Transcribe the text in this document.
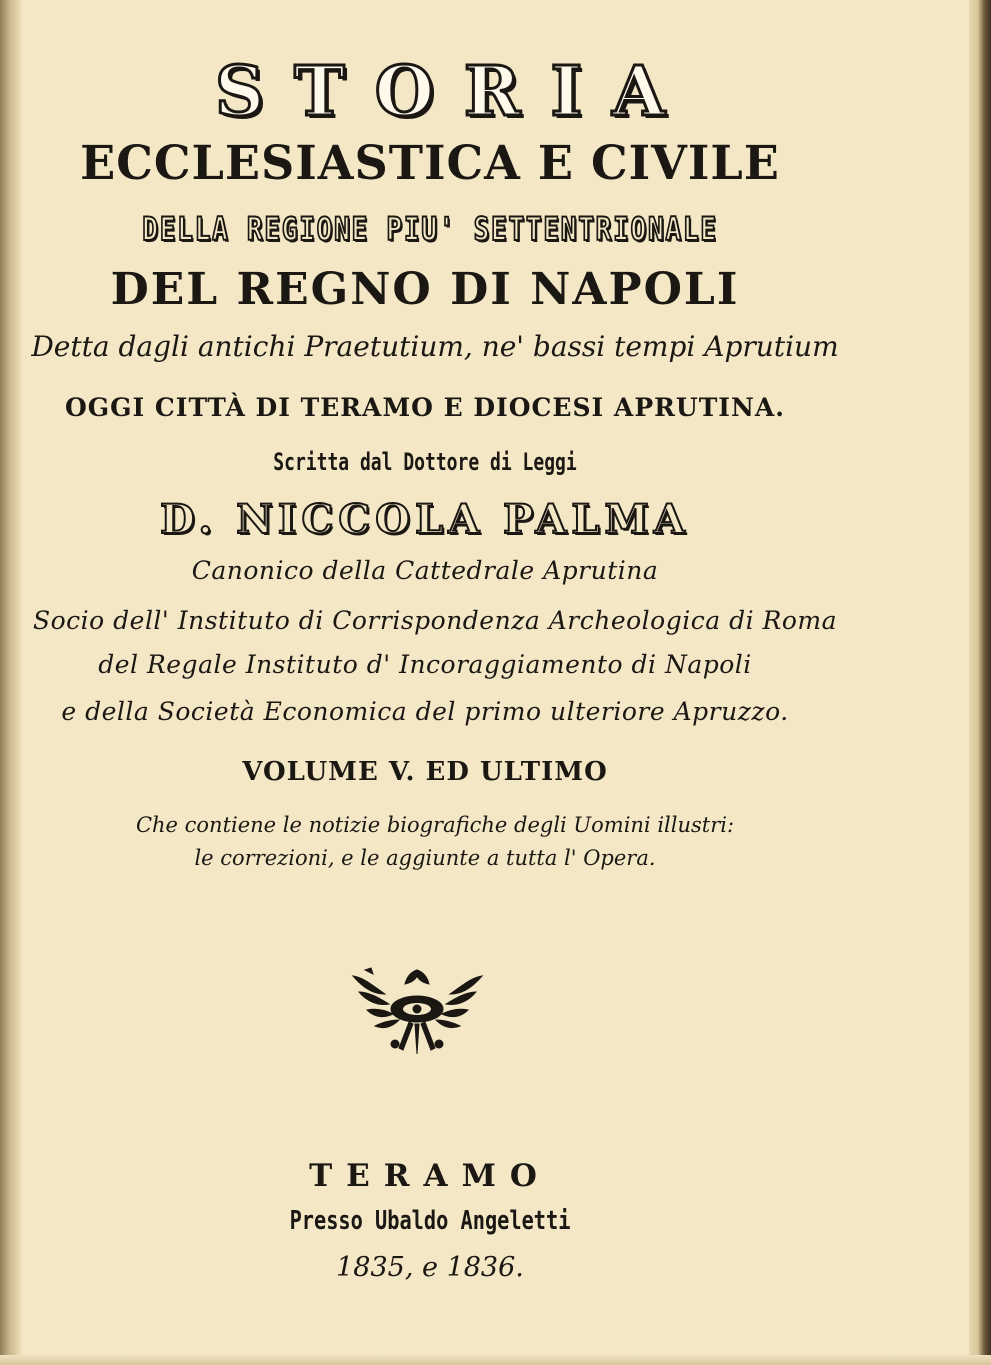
STORIA
ECCLESIASTICA E CIVILE
DELLA REGIONE PIU' SETTENTRIONALE
DEL REGNO DI NAPOLI
Detta dagli antichi Praetutium, ne' bassi tempi Aprutium
OGGI CITTÀ DI TERAMO E DIOCESI APRUTINA.
Scritta dal Dottore di Leggi
D. NICCOLA PALMA
Canonico della Cattedrale Aprutina
Socio dell' Instituto di Corrispondenza Archeologica di Roma
del Regale Instituto d' Incoraggiamento di Napoli
e della Società Economica del primo ulteriore Apruzzo.
VOLUME V. ED ULTIMO
Che contiene le notizie biografiche degli Uomini illustri:
le correzioni, e le aggiunte a tutta l' Opera.
TERAMO
Presso Ubaldo Angeletti
1835, e 1836.
